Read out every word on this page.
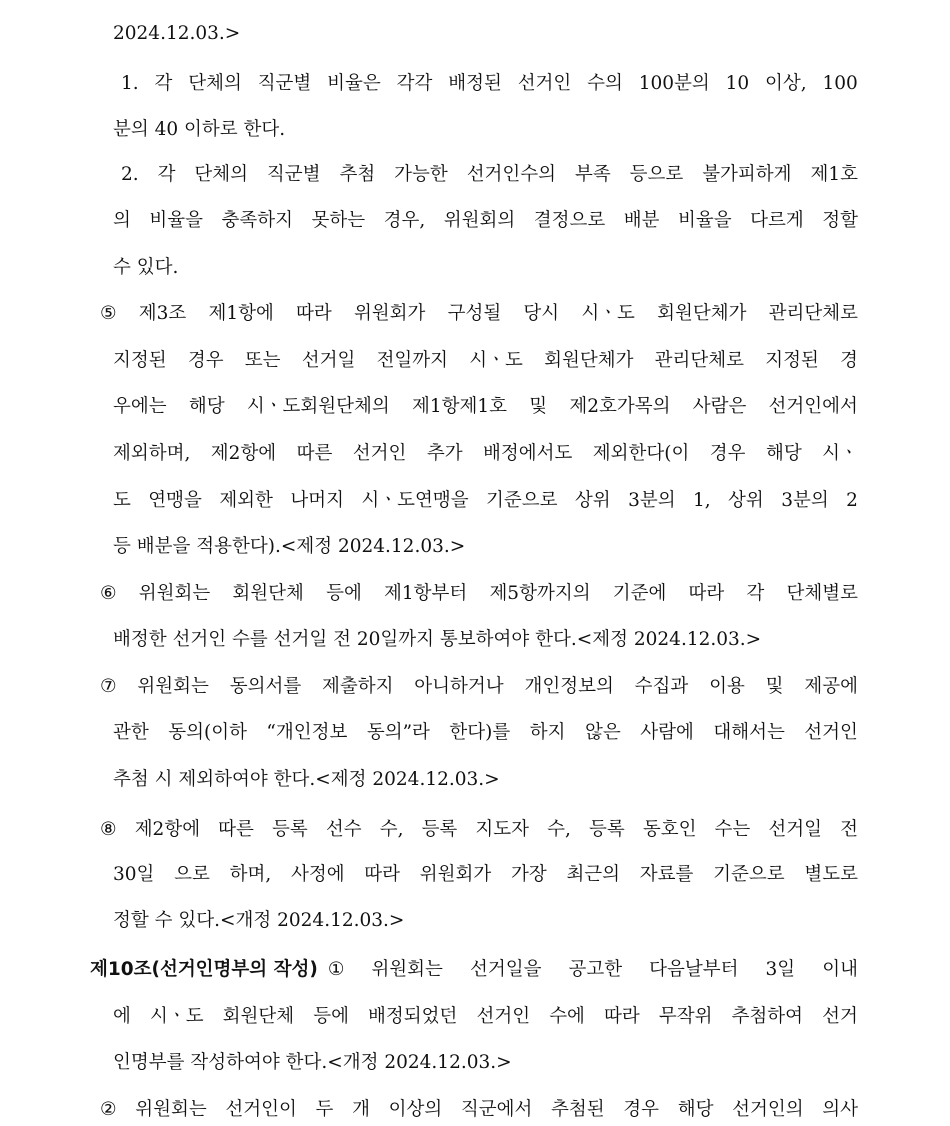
2024.12.03.>
1. 각 단체의 직군별 비율은 각각 배정된 선거인 수의 100분의 10 이상, 100
분의 40 이하로 한다.
2. 각 단체의 직군별 추첨 가능한 선거인수의 부족 등으로 불가피하게 제1호
의 비율을 충족하지 못하는 경우, 위원회의 결정으로 배분 비율을 다르게 정할
수 있다.
⑤ 제3조 제1항에 따라 위원회가 구성될 당시 시ㆍ도 회원단체가 관리단체로
지정된 경우 또는 선거일 전일까지 시ㆍ도 회원단체가 관리단체로 지정된 경
우에는 해당 시ㆍ도회원단체의 제1항제1호 및 제2호가목의 사람은 선거인에서
제외하며, 제2항에 따른 선거인 추가 배정에서도 제외한다(이 경우 해당 시ㆍ
도 연맹을 제외한 나머지 시ㆍ도연맹을 기준으로 상위 3분의 1, 상위 3분의 2
등 배분을 적용한다).<제정 2024.12.03.>
⑥ 위원회는 회원단체 등에 제1항부터 제5항까지의 기준에 따라 각 단체별로
배정한 선거인 수를 선거일 전 20일까지 통보하여야 한다.<제정 2024.12.03.>
⑦ 위원회는 동의서를 제출하지 아니하거나 개인정보의 수집과 이용 및 제공에
관한 동의(이하 “개인정보 동의”라 한다)를 하지 않은 사람에 대해서는 선거인
추첨 시 제외하여야 한다.<제정 2024.12.03.>
⑧ 제2항에 따른 등록 선수 수, 등록 지도자 수, 등록 동호인 수는 선거일 전
30일 으로 하며, 사정에 따라 위원회가 가장 최근의 자료를 기준으로 별도로
정할 수 있다.<개정 2024.12.03.>
제10조(선거인명부의 작성) ① 위원회는 선거일을 공고한 다음날부터 3일 이내
에 시ㆍ도 회원단체 등에 배정되었던 선거인 수에 따라 무작위 추첨하여 선거
인명부를 작성하여야 한다.<개정 2024.12.03.>
② 위원회는 선거인이 두 개 이상의 직군에서 추첨된 경우 해당 선거인의 의사
